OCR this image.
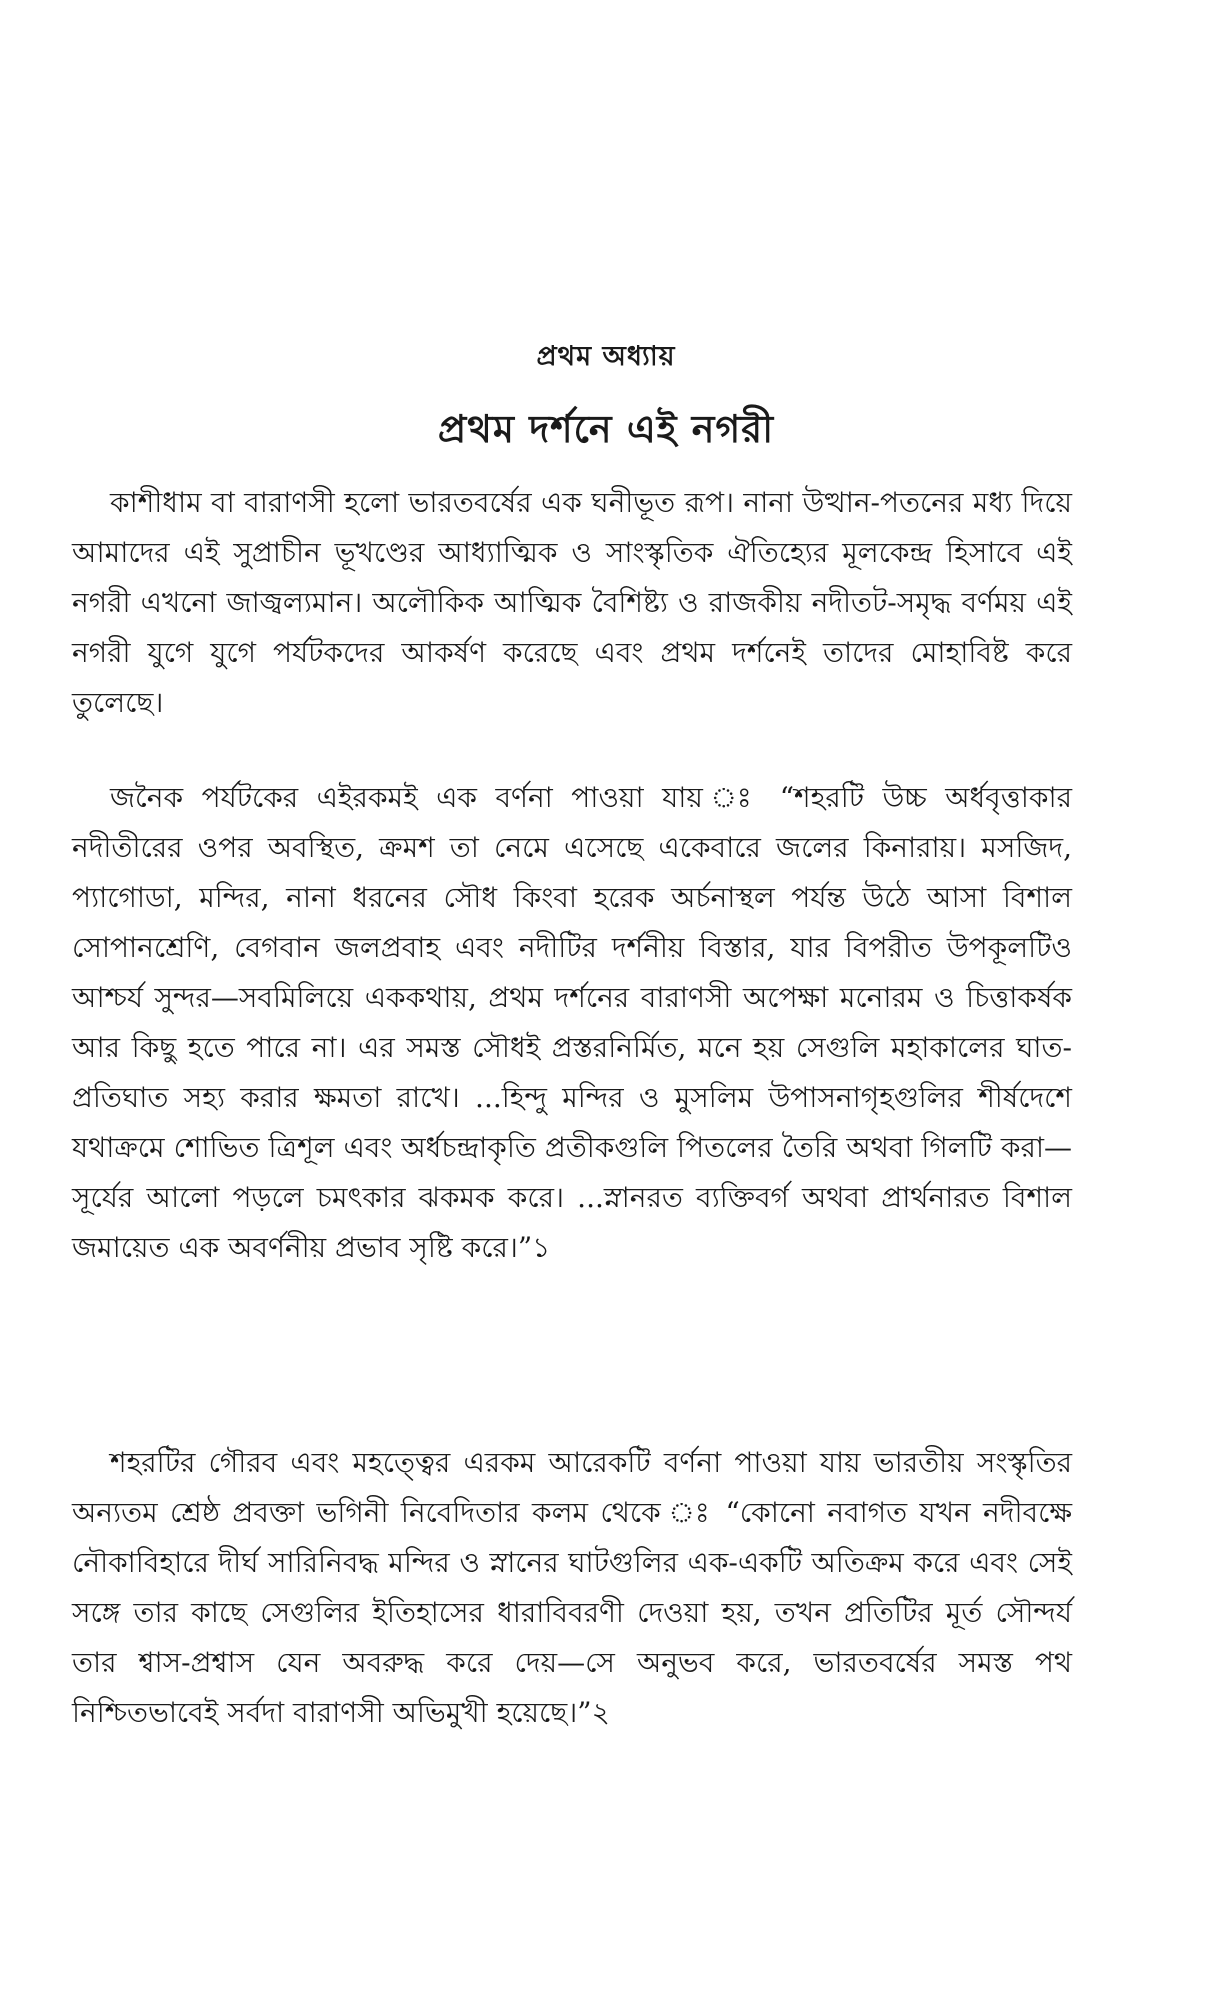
প্রথম অধ্যায়
প্রথম দর্শনে এই নগরী

কাশীধাম বা বারাণসী হলো ভারতবর্ষের এক ঘনীভূত রূপ। নানা উত্থান-পতনের মধ্য দিয়ে আমাদের এই সুপ্রাচীন ভূখণ্ডের আধ্যাত্মিক ও সাংস্কৃতিক ঐতিহ্যের মূলকেন্দ্র হিসাবে এই নগরী এখনো জাজ্বল্যমান। অলৌকিক আত্মিক বৈশিষ্ট্য ও রাজকীয় নদীতট-সমৃদ্ধ বর্ণময় এই নগরী যুগে যুগে পর্যটকদের আকর্ষণ করেছে এবং প্রথম দর্শনেই তাদের মোহাবিষ্ট করে তুলেছে।

জনৈক পর্যটকের এইরকমই এক বর্ণনা পাওয়া যায় ঃ “শহরটি উচ্চ অর্ধবৃত্তাকার নদীতীরের ওপর অবস্থিত, ক্রমশ তা নেমে এসেছে একেবারে জলের কিনারায়। মসজিদ, প্যাগোডা, মন্দির, নানা ধরনের সৌধ কিংবা হরেক অর্চনাস্থল পর্যন্ত উঠে আসা বিশাল সোপানশ্রেণি, বেগবান জলপ্রবাহ এবং নদীটির দর্শনীয় বিস্তার, যার বিপরীত উপকূলটিও আশ্চর্য সুন্দর—সবমিলিয়ে এককথায়, প্রথম দর্শনের বারাণসী অপেক্ষা মনোরম ও চিত্তাকর্ষক আর কিছু হতে পারে না। এর সমস্ত সৌধই প্রস্তরনির্মিত, মনে হয় সেগুলি মহাকালের ঘাত-প্রতিঘাত সহ্য করার ক্ষমতা রাখে। ...হিন্দু মন্দির ও মুসলিম উপাসনাগৃহগুলির শীর্ষদেশে যথাক্রমে শোভিত ত্রিশূল এবং অর্ধচন্দ্রাকৃতি প্রতীকগুলি পিতলের তৈরি অথবা গিলটি করা—সূর্যের আলো পড়লে চমৎকার ঝকমক করে। ...স্নানরত ব্যক্তিবর্গ অথবা প্রার্থনারত বিশাল জমায়েত এক অবর্ণনীয় প্রভাব সৃষ্টি করে।”১

শহরটির গৌরব এবং মহত্ত্বের এরকম আরেকটি বর্ণনা পাওয়া যায় ভারতীয় সংস্কৃতির অন্যতম শ্রেষ্ঠ প্রবক্তা ভগিনী নিবেদিতার কলম থেকে ঃ “কোনো নবাগত যখন নদীবক্ষে নৌকাবিহারে দীর্ঘ সারিনিবদ্ধ মন্দির ও স্নানের ঘাটগুলির এক-একটি অতিক্রম করে এবং সেই সঙ্গে তার কাছে সেগুলির ইতিহাসের ধারাবিবরণী দেওয়া হয়, তখন প্রতিটির মূর্ত সৌন্দর্য তার শ্বাস-প্রশ্বাস যেন অবরুদ্ধ করে দেয়—সে অনুভব করে, ভারতবর্ষের সমস্ত পথ নিশ্চিতভাবেই সর্বদা বারাণসী অভিমুখী হয়েছে।”২
